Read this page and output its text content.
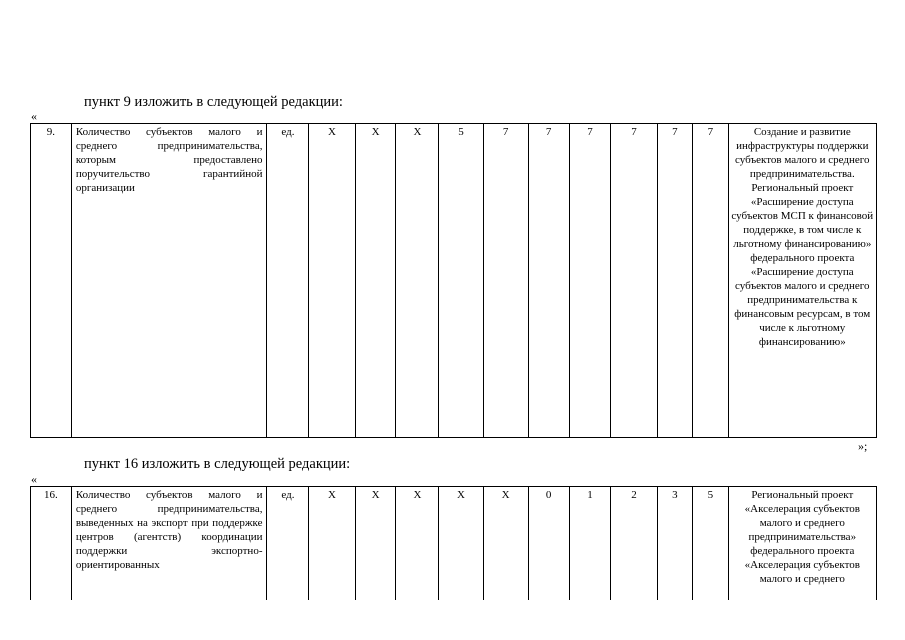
пункт 9 изложить в следующей редакции:
«
9.	Количество субъектов малого и среднего предпринимательства, которым предоставлено поручительство гарантийной организации	ед.	Х	Х	Х	5	7	7	7	7	7	7	Создание и развитие инфраструктуры поддержки субъектов малого и среднего предпринимательства. Региональный проект «Расширение доступа субъектов МСП к финансовой поддержке, в том числе к льготному финансированию» федерального проекта «Расширение доступа субъектов малого и среднего предпринимательства к финансовым ресурсам, в том числе к льготному финансированию»
»;
пункт 16 изложить в следующей редакции:
«
16.	Количество субъектов малого и среднего предпринимательства, выведенных на экспорт при поддержке центров (агентств) координации поддержки экспортно-ориентированных	ед.	Х	Х	Х	Х	Х	0	1	2	3	5	Региональный проект «Акселерация субъектов малого и среднего предпринимательства» федерального проекта «Акселерация субъектов малого и среднего
